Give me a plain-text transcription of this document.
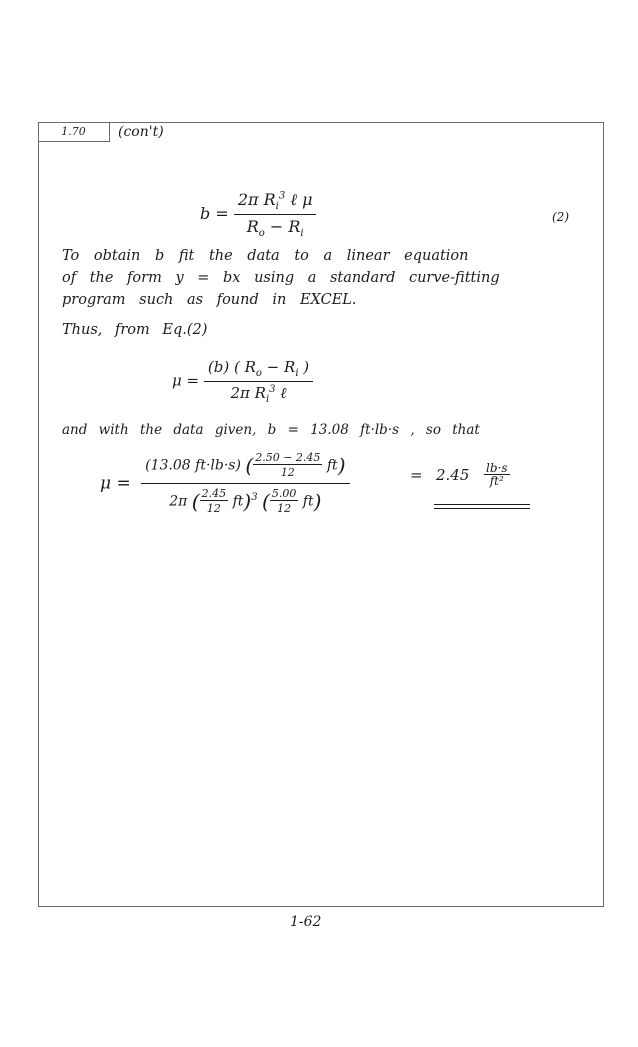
1.70	(con't)
$b = \frac{2\pi R_i^3 \ell \mu}{R_o - R_i}$	(2)
To obtain b fit the data to a linear equation
of the form y = bx using a standard curve-fitting
program such as found in EXCEL.
Thus, from Eq.(2)
$\mu = \frac{(b) ( R_o - R_i )}{2\pi R_i^3 \ell}$
and with the data given, b = 13.08 ft·lb·s , so that
$\mu = \frac{(13.08 ft\cdot lb\cdot s) ( \frac{2.50 - 2.45}{12} ft)}{2\pi ( \frac{2.45}{12} ft)^3 ( \frac{5.00}{12} ft)}$	= $2.45 \frac{lb\cdot s}{\text{ft²}}$
1-62
